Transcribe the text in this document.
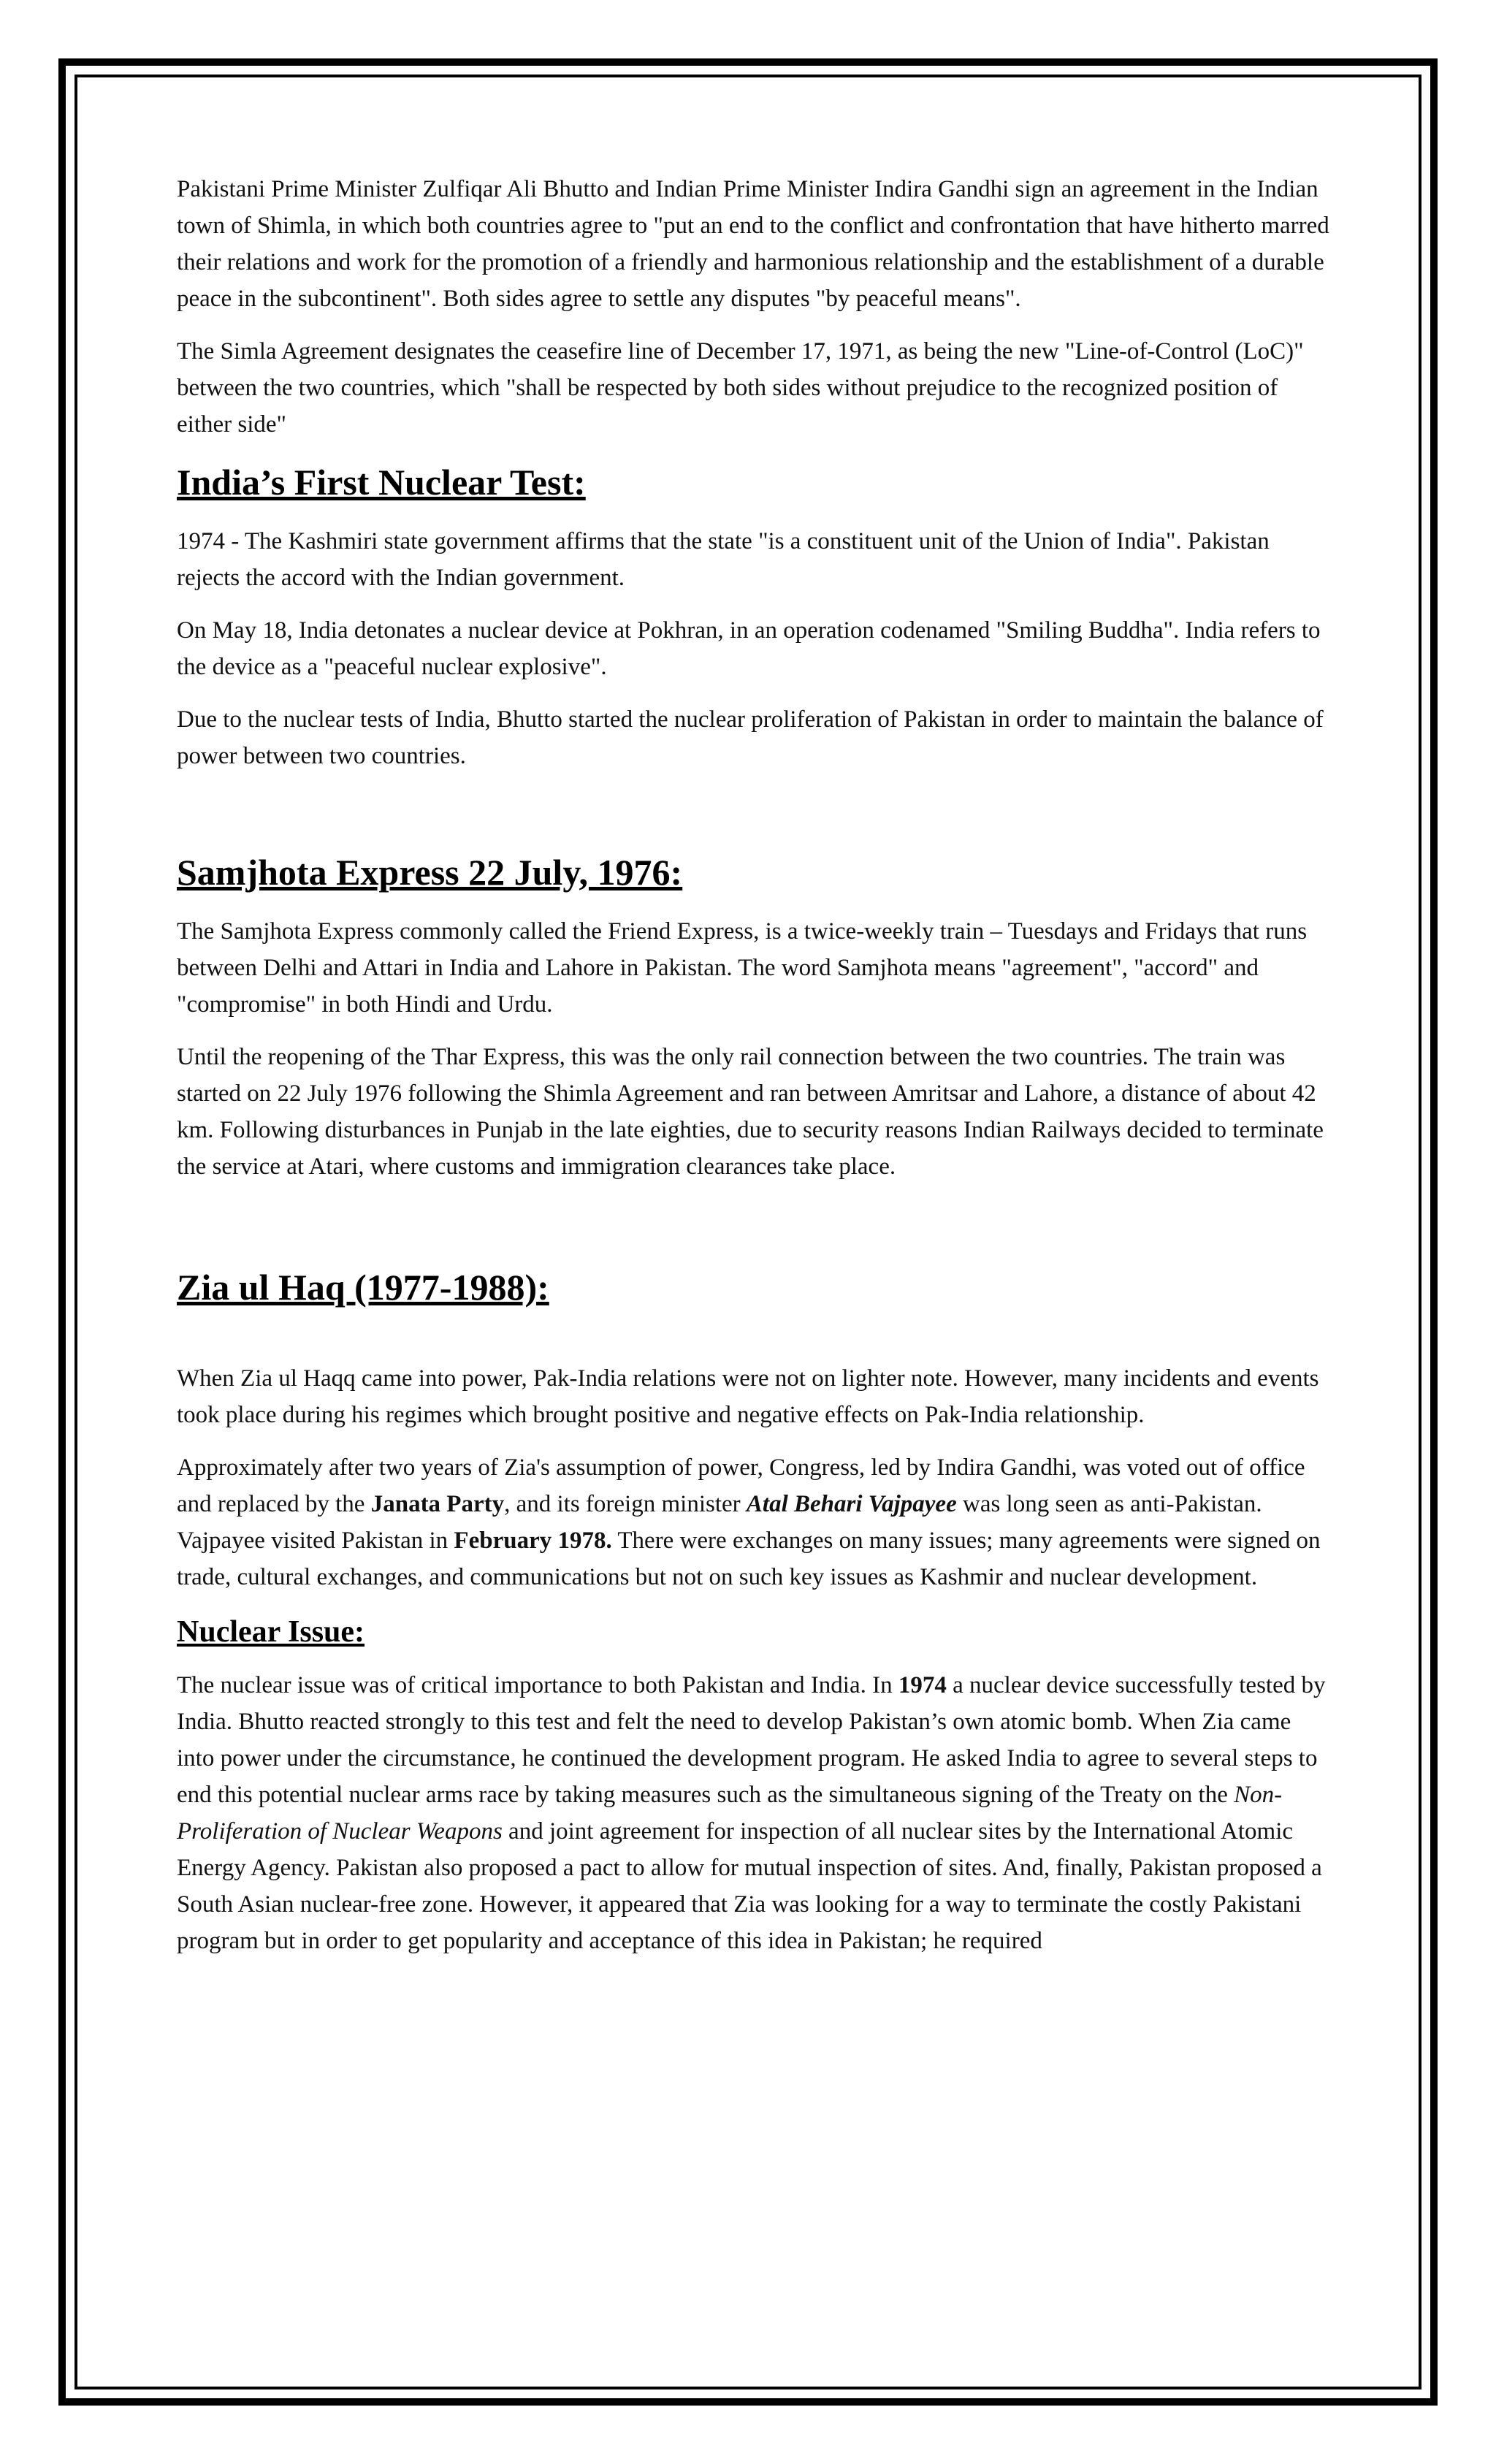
Pakistani Prime Minister Zulfiqar Ali Bhutto and Indian Prime Minister Indira Gandhi sign an agreement in the Indian town of Shimla, in which both countries agree to "put an end to the conflict and confrontation that have hitherto marred their relations and work for the promotion of a friendly and harmonious relationship and the establishment of a durable peace in the subcontinent". Both sides agree to settle any disputes "by peaceful means".

The Simla Agreement designates the ceasefire line of December 17, 1971, as being the new "Line-of-Control (LoC)" between the two countries, which "shall be respected by both sides without prejudice to the recognized position of either side"

India’s First Nuclear Test:

1974 - The Kashmiri state government affirms that the state "is a constituent unit of the Union of India". Pakistan rejects the accord with the Indian government.

On May 18, India detonates a nuclear device at Pokhran, in an operation codenamed "Smiling Buddha". India refers to the device as a "peaceful nuclear explosive".

Due to the nuclear tests of India, Bhutto started the nuclear proliferation of Pakistan in order to maintain the balance of power between two countries.

Samjhota Express 22 July, 1976:

The Samjhota Express commonly called the Friend Express, is a twice-weekly train – Tuesdays and Fridays that runs between Delhi and Attari in India and Lahore in Pakistan. The word Samjhota means "agreement", "accord" and "compromise" in both Hindi and Urdu.

Until the reopening of the Thar Express, this was the only rail connection between the two countries. The train was started on 22 July 1976 following the Shimla Agreement and ran between Amritsar and Lahore, a distance of about 42 km. Following disturbances in Punjab in the late eighties, due to security reasons Indian Railways decided to terminate the service at Atari, where customs and immigration clearances take place.

Zia ul Haq (1977-1988):

When Zia ul Haqq came into power, Pak-India relations were not on lighter note. However, many incidents and events took place during his regimes which brought positive and negative effects on Pak-India relationship.

Approximately after two years of Zia's assumption of power, Congress, led by Indira Gandhi, was voted out of office and replaced by the Janata Party, and its foreign minister Atal Behari Vajpayee was long seen as anti-Pakistan. Vajpayee visited Pakistan in February 1978. There were exchanges on many issues; many agreements were signed on trade, cultural exchanges, and communications but not on such key issues as Kashmir and nuclear development.

Nuclear Issue:

The nuclear issue was of critical importance to both Pakistan and India. In 1974 a nuclear device successfully tested by India. Bhutto reacted strongly to this test and felt the need to develop Pakistan’s own atomic bomb. When Zia came into power under the circumstance, he continued the development program. He asked India to agree to several steps to end this potential nuclear arms race by taking measures such as the simultaneous signing of the Treaty on the Non-Proliferation of Nuclear Weapons and joint agreement for inspection of all nuclear sites by the International Atomic Energy Agency. Pakistan also proposed a pact to allow for mutual inspection of sites. And, finally, Pakistan proposed a South Asian nuclear-free zone. However, it appeared that Zia was looking for a way to terminate the costly Pakistani program but in order to get popularity and acceptance of this idea in Pakistan; he required
